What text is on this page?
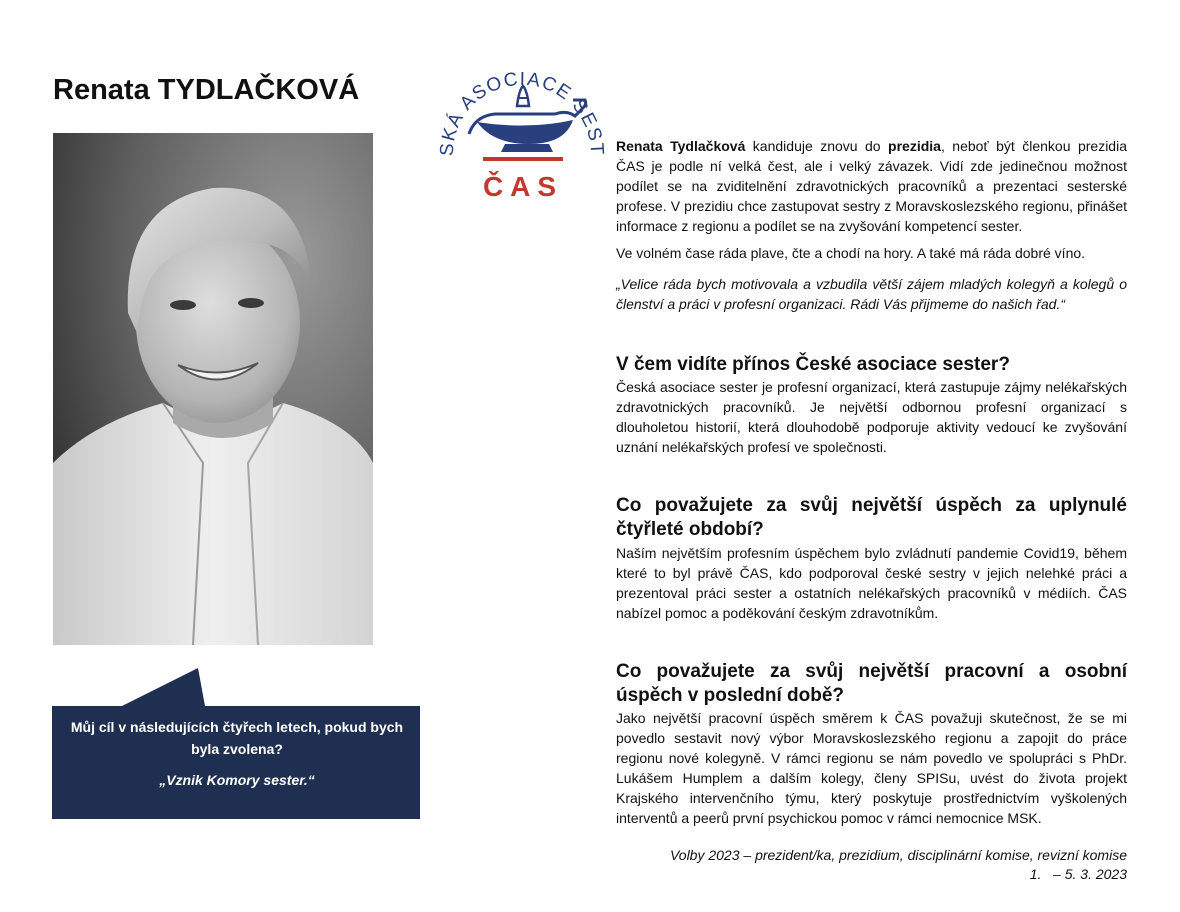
Renata TYDLAČKOVÁ
SKÁ ASOCIACE SEST
ČAS
Můj cíl v následujících čtyřech letech, pokud bych byla zvolena?
„Vznik Komory sester.“

Renata Tydlačková kandiduje znovu do prezidia, neboť být členkou prezidia ČAS je podle ní velká čest, ale i velký závazek. Vidí zde jedinečnou možnost podílet se na zviditelnění zdravotnických pracovníků a prezentaci sesterské profese. V prezidiu chce zastupovat sestry z Moravskoslezského regionu, přinášet informace z regionu a podílet se na zvyšování kompetencí sester.

Ve volném čase ráda plave, čte a chodí na hory. A také má ráda dobré víno.

„Velice ráda bych motivovala a vzbudila větší zájem mladých kolegyň a kolegů o členství a práci v profesní organizaci. Rádi Vás přijmeme do našich řad.“

V čem vidíte přínos České asociace sester?

Česká asociace sester je profesní organizací, která zastupuje zájmy nelékařských zdravotnických pracovníků. Je největší odbornou profesní organizací s dlouholetou historií, která dlouhodobě podporuje aktivity vedoucí ke zvyšování uznání nelékařských profesí ve společnosti.

Co považujete za svůj největší úspěch za uplynulé čtyřleté období?

Naším největším profesním úspěchem bylo zvládnutí pandemie Covid19, během které to byl právě ČAS, kdo podporoval české sestry v jejich nelehké práci a prezentoval práci sester a ostatních nelékařských pracovníků v médiích. ČAS nabízel pomoc a poděkování českým zdravotníkům.

Co považujete za svůj největší pracovní a osobní úspěch v poslední době?

Jako největší pracovní úspěch směrem k ČAS považuji skutečnost, že se mi povedlo sestavit nový výbor Moravskoslezského regionu a zapojit do práce regionu nové kolegyně. V rámci regionu se nám povedlo ve spolupráci s PhDr. Lukášem Humplem a dalším kolegy, členy SPISu, uvést do života projekt Krajského intervenčního týmu, který poskytuje prostřednictvím vyškolených interventů a peerů první psychickou pomoc v rámci nemocnice MSK.

Volby 2023 – prezident/ka, prezidium, disciplinární komise, revizní komise
1.   – 5. 3. 2023
